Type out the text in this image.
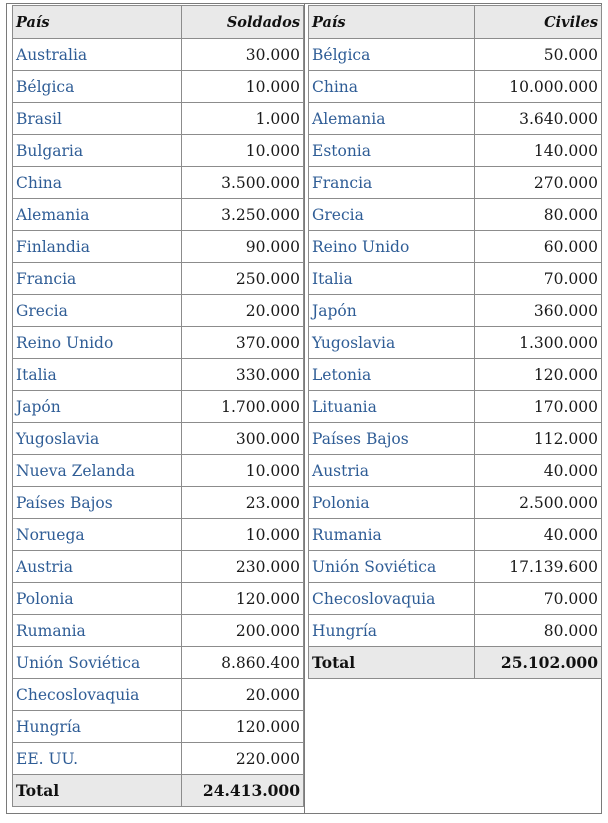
País	Soldados
Australia	30.000
Bélgica	10.000
Brasil	1.000
Bulgaria	10.000
China	3.500.000
Alemania	3.250.000
Finlandia	90.000
Francia	250.000
Grecia	20.000
Reino Unido	370.000
Italia	330.000
Japón	1.700.000
Yugoslavia	300.000
Nueva Zelanda	10.000
Países Bajos	23.000
Noruega	10.000
Austria	230.000
Polonia	120.000
Rumania	200.000
Unión Soviética	8.860.400
Checoslovaquia	20.000
Hungría	120.000
EE. UU.	220.000
Total	24.413.000
País	Civiles
Bélgica	50.000
China	10.000.000
Alemania	3.640.000
Estonia	140.000
Francia	270.000
Grecia	80.000
Reino Unido	60.000
Italia	70.000
Japón	360.000
Yugoslavia	1.300.000
Letonia	120.000
Lituania	170.000
Países Bajos	112.000
Austria	40.000
Polonia	2.500.000
Rumania	40.000
Unión Soviética	17.139.600
Checoslovaquia	70.000
Hungría	80.000
Total	25.102.000
